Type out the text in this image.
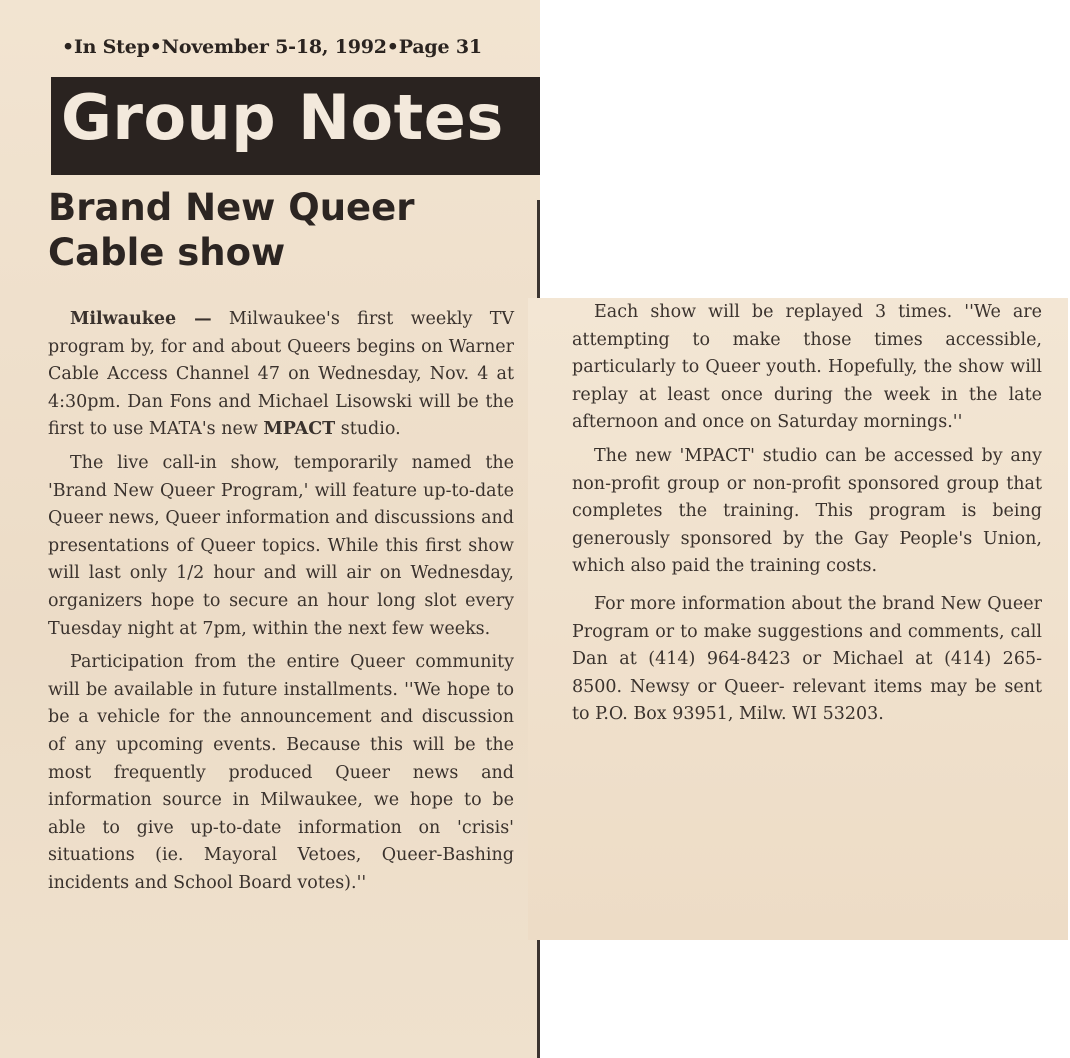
•In Step•November 5-18, 1992•Page 31
Group Notes
Brand New Queer
Cable show

Milwaukee — Milwaukee's first weekly TV program by, for and about Queers begins on Warner Cable Access Channel 47 on Wednesday, Nov. 4 at 4:30pm. Dan Fons and Michael Lisowski will be the first to use MATA's new MPACT studio.

The live call-in show, temporarily named the 'Brand New Queer Program,' will feature up-to-date Queer news, Queer information and discussions and presentations of Queer topics. While this first show will last only 1/2 hour and will air on Wednesday, organizers hope to secure an hour long slot every Tuesday night at 7pm, within the next few weeks.

Participation from the entire Queer community will be available in future installments. ''We hope to be a vehicle for the announcement and discussion of any upcoming events. Because this will be the most frequently produced Queer news and information source in Milwaukee, we hope to be able to give up-to-date information on 'crisis' situations (ie. Mayoral Vetoes, Queer-Bashing incidents and School Board votes).''

Each show will be replayed 3 times. ''We are attempting to make those times accessible, particularly to Queer youth. Hopefully, the show will replay at least once during the week in the late afternoon and once on Saturday mornings.''

The new 'MPACT' studio can be accessed by any non-profit group or non-profit sponsored group that completes the training. This program is being generously sponsored by the Gay People's Union, which also paid the training costs.

For more information about the brand New Queer Program or to make suggestions and comments, call Dan at (414) 964-8423 or Michael at (414) 265-8500. Newsy or Queer- relevant items may be sent to P.O. Box 93951, Milw. WI 53203.
